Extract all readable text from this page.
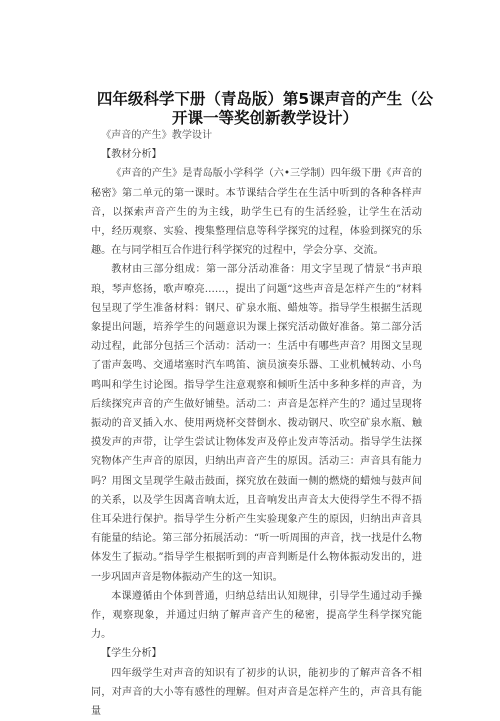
四年级科学下册（青岛版）第5课声音的产生（公开课一等奖创新教学设计）

《声音的产生》教学设计

【教材分析】

《声音的产生》是青岛版小学科学（六•三学制）四年级下册《声音的秘密》第二单元的第一课时。本节课结合学生在生活中听到的各种各样声音，以探索声音产生的为主线，助学生已有的生活经验，让学生在活动中，经历观察、实验、搜集整理信息等科学探究的过程，体验到探究的乐趣。在与同学相互合作进行科学探究的过程中，学会分享、交流。

教材由三部分组成：第一部分活动准备：用文字呈现了情景“书声琅琅，琴声悠扬，歌声嘹亮……，提出了问题“这些声音是怎样产生的”材料包呈现了学生准备材料：钢尺、矿泉水瓶、蜡烛等。指导学生根据生活现象提出问题，培养学生的问题意识为课上探究活动做好准备。第二部分活动过程，此部分包括三个活动：活动一：生活中有哪些声音？用图文呈现了雷声轰鸣、交通堵塞时汽车鸣笛、演员演奏乐器、工业机械转动、小鸟鸣叫和学生讨论图。指导学生注意观察和倾听生活中多种多样的声音，为后续探究声音的产生做好铺垫。活动二：声音是怎样产生的？通过呈现将振动的音叉插入水、使用两烧杯交替倒水、拨动钢尺、吹空矿泉水瓶、触摸发声的声带，让学生尝试让物体发声及停止发声等活动。指导学生法探究物体产生声音的原因，归纳出声音产生的原因。活动三：声音具有能力吗？用图文呈现学生敲击鼓面，探究放在鼓面一侧的燃烧的蜡烛与鼓声间的关系，以及学生因离音响太近，且音响发出声音太大使得学生不得不捂住耳朵进行保护。指导学生分析产生实验现象产生的原因，归纳出声音具有能量的结论。第三部分拓展活动：“听一听周围的声音，找一找是什么物体发生了振动。”指导学生根据听到的声音判断是什么物体振动发出的，进一步巩固声音是物体振动产生的这一知识。

本课遵循由个体到普通，归纳总结出认知规律，引导学生通过动手操作，观察现象，并通过归纳了解声音产生的秘密，提高学生科学探究能力。

【学生分析】

四年级学生对声音的知识有了初步的认识，能初步的了解声音各不相同，对声音的大小等有感性的理解。但对声音是怎样产生的，声音具有能量
